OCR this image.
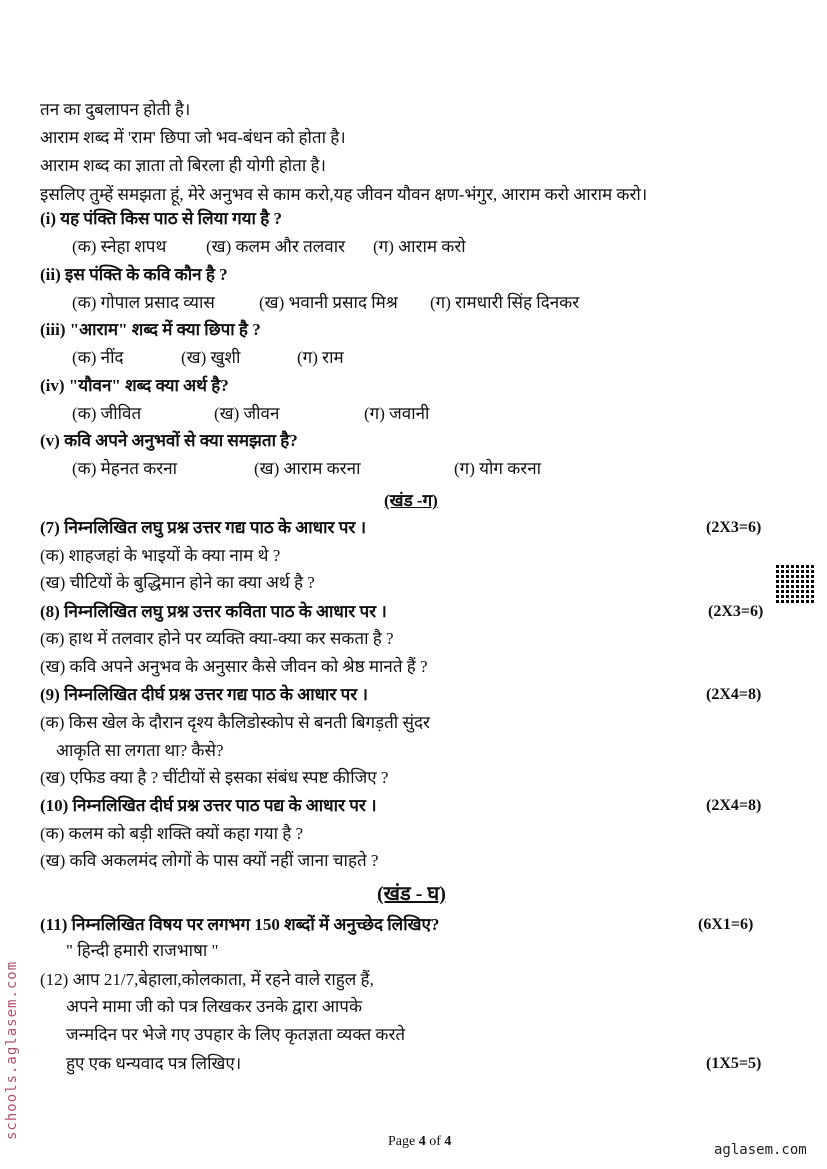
तन का दुबलापन होती है।
आराम शब्द में 'राम' छिपा जो भव-बंधन को होता है।
आराम शब्द का ज्ञाता तो बिरला ही योगी होता है।
इसलिए तुम्हें समझता हूं, मेरे अनुभव से काम करो,यह जीवन यौवन क्षण-भंगुर, आराम करो आराम करो।
(i) यह पंक्ति किस पाठ से लिया गया है ?
(क) स्नेहा शपथ (ख) कलम और तलवार (ग) आराम करो
(ii) इस पंक्ति के कवि कौन है ?
(क) गोपाल प्रसाद व्यास	(ख) भवानी प्रसाद मिश्र (ग) रामधारी सिंह दिनकर
(iii) "आराम" शब्द में क्या छिपा है ?
(क) नींद	(ख) खुशी	(ग) राम
(iv) "यौवन" शब्द क्या अर्थ है?
(क) जीवित	(ख) जीवन	(ग) जवानी
(v) कवि अपने अनुभवों से क्या समझता है?
(क) मेहनत करना	(ख) आराम करना	(ग) योग करना
(खंड -ग)
(7) निम्नलिखित लघु प्रश्न उत्तर गद्य पाठ के आधार पर ।	(2X3=6)
(क) शाहजहां के भाइयों के क्या नाम थे ?
(ख) चीटियों के बुद्धिमान होने का क्या अर्थ है ?
(8) निम्नलिखित लघु प्रश्न उत्तर कविता पाठ के आधार पर ।	(2X3=6)
(क) हाथ में तलवार होने पर व्यक्ति क्या-क्या कर सकता है ?
(ख) कवि अपने अनुभव के अनुसार कैसे जीवन को श्रेष्ठ मानते हैं ?
(9) निम्नलिखित दीर्घ प्रश्न उत्तर गद्य पाठ के आधार पर ।	(2X4=8)
(क) किस खेल के दौरान दृश्य कैलिडोस्कोप से बनती बिगड़ती सुंदर
आकृति सा लगता था? कैसे?
(ख) एफिड क्या है ? चींटीयों से इसका संबंध स्पष्ट कीजिए ?
(10) निम्नलिखित दीर्घ प्रश्न उत्तर पाठ पद्य के आधार पर ।	(2X4=8)
(क) कलम को बड़ी शक्ति क्यों कहा गया है ?
(ख) कवि अकलमंद लोगों के पास क्यों नहीं जाना चाहते ?
(खंड - घ)
(11) निम्नलिखित विषय पर लगभग 150 शब्दों में अनुच्छेद लिखिए?	(6X1=6)
" हिन्दी हमारी राजभाषा "
(12) आप 21/7,बेहाला,कोलकाता, में रहने वाले राहुल हैं,
अपने मामा जी को पत्र लिखकर उनके द्वारा आपके
जन्मदिन पर भेजे गए उपहार के लिए कृतज्ञता व्यक्त करते
हुए एक धन्यवाद पत्र लिखिए।	(1X5=5)
Page 4 of 4
aglasem.com
schools.aglasem.com
